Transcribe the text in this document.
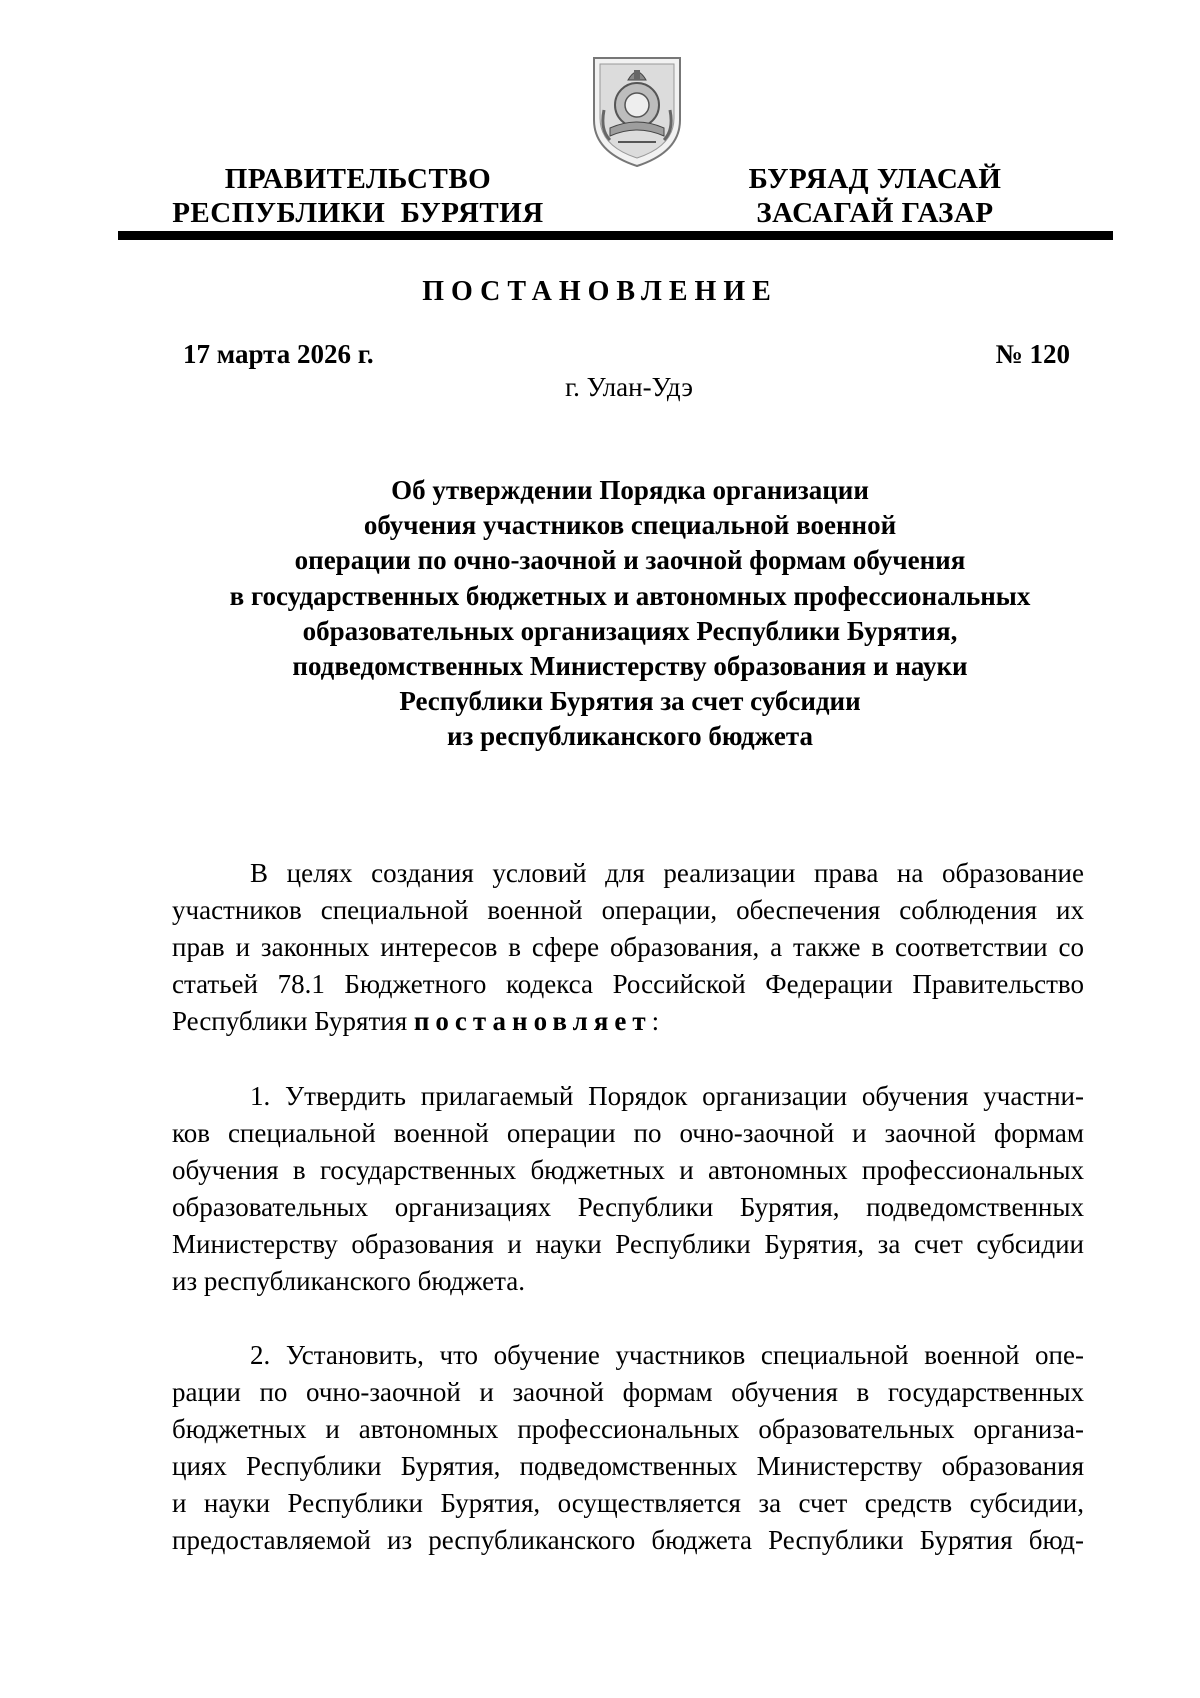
ПРАВИТЕЛЬСТВО
РЕСПУБЛИКИ  БУРЯТИЯ
БУРЯАД УЛАСАЙ
ЗАСАГАЙ ГАЗАР
ПОСТАНОВЛЕНИЕ
17 марта 2026 г.	№ 120
г. Улан-Удэ
Об утверждении Порядка организации
обучения участников специальной военной
операции по очно-заочной и заочной формам обучения
в государственных бюджетных и автономных профессиональных
образовательных организациях Республики Бурятия,
подведомственных Министерству образования и науки
Республики Бурятия за счет субсидии
из республиканского бюджета
В целях создания условий для реализации права на образование
участников специальной военной операции, обеспечения соблюдения их
прав и законных интересов в сфере образования, а также в соответствии со
статьей 78.1 Бюджетного кодекса Российской Федерации Правительство
Республики Бурятия постановляет:
1. Утвердить прилагаемый Порядок организации обучения участни-
ков специальной военной операции по очно-заочной и заочной формам
обучения в государственных бюджетных и автономных профессиональных
образовательных организациях Республики Бурятия, подведомственных
Министерству образования и науки Республики Бурятия, за счет субсидии
из республиканского бюджета.
2. Установить, что обучение участников специальной военной опе-
рации по очно-заочной и заочной формам обучения в государственных
бюджетных и автономных профессиональных образовательных организа-
циях Республики Бурятия, подведомственных Министерству образования
и науки Республики Бурятия, осуществляется за счет средств субсидии,
предоставляемой из республиканского бюджета Республики Бурятия бюд-
